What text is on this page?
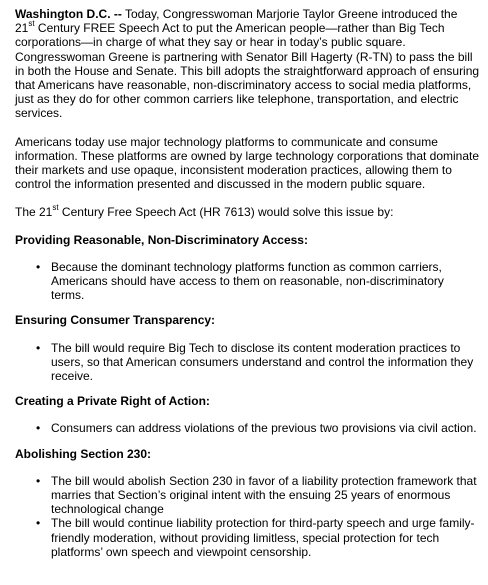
Washington D.C. -- Today, Congresswoman Marjorie Taylor Greene introduced the 21st Century FREE Speech Act to put the American people—rather than Big Tech corporations—in charge of what they say or hear in today’s public square. Congresswoman Greene is partnering with Senator Bill Hagerty (R-TN) to pass the bill in both the House and Senate. This bill adopts the straightforward approach of ensuring that Americans have reasonable, non-discriminatory access to social media platforms, just as they do for other common carriers like telephone, transportation, and electric services.

Americans today use major technology platforms to communicate and consume information. These platforms are owned by large technology corporations that dominate their markets and use opaque, inconsistent moderation practices, allowing them to control the information presented and discussed in the modern public square.

The 21st Century Free Speech Act (HR 7613) would solve this issue by:

Providing Reasonable, Non-Discriminatory Access:

• Because the dominant technology platforms function as common carriers, Americans should have access to them on reasonable, non-discriminatory terms.

Ensuring Consumer Transparency:

• The bill would require Big Tech to disclose its content moderation practices to users, so that American consumers understand and control the information they receive.

Creating a Private Right of Action:

• Consumers can address violations of the previous two provisions via civil action.

Abolishing Section 230:

• The bill would abolish Section 230 in favor of a liability protection framework that marries that Section’s original intent with the ensuing 25 years of enormous technological change
• The bill would continue liability protection for third-party speech and urge family-friendly moderation, without providing limitless, special protection for tech platforms’ own speech and viewpoint censorship.
